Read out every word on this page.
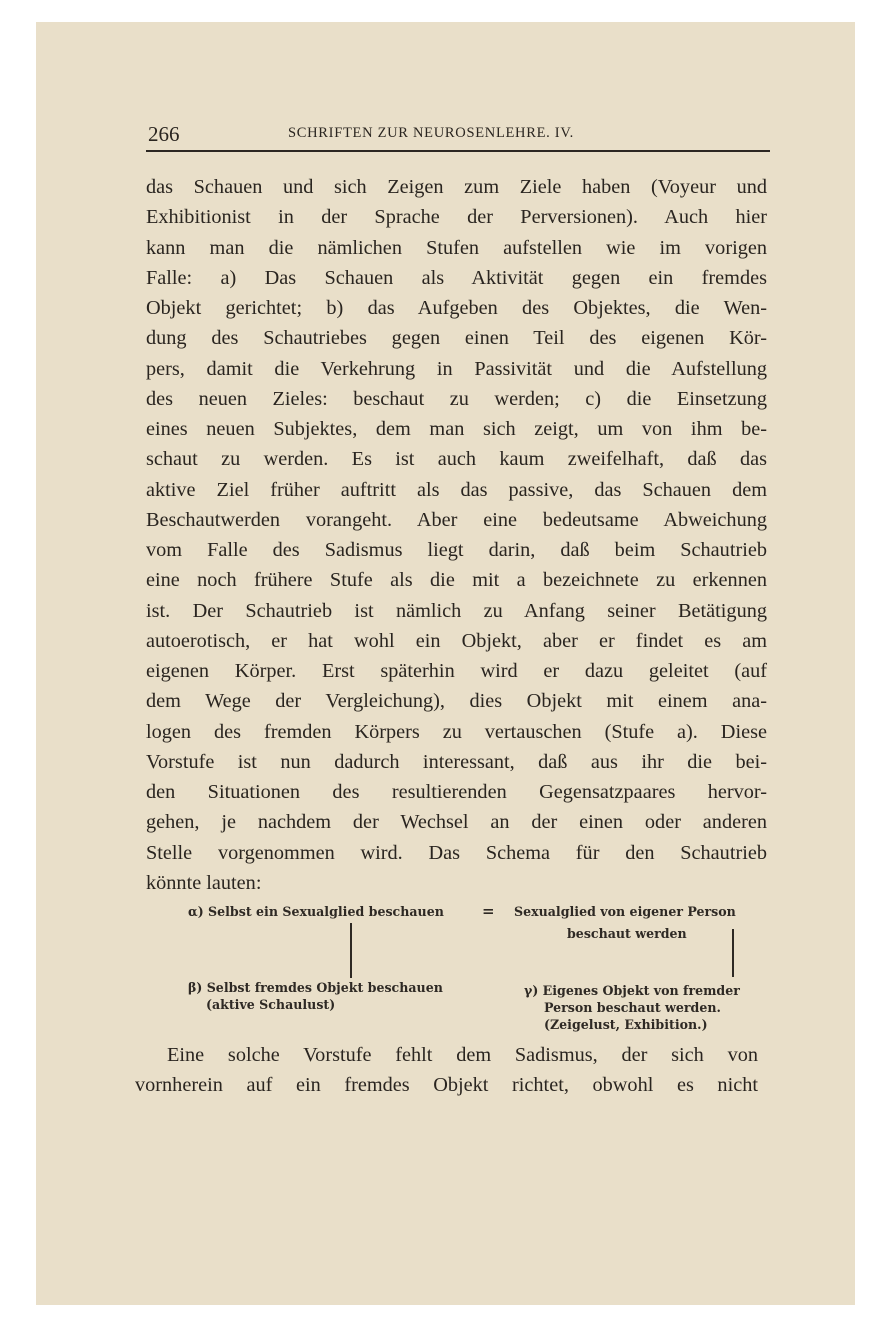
266	SCHRIFTEN ZUR NEUROSENLEHRE. IV.
das Schauen und sich Zeigen zum Ziele haben (Voyeur und
Exhibitionist in der Sprache der Perversionen). Auch hier
kann man die nämlichen Stufen aufstellen wie im vorigen
Falle: a) Das Schauen als Aktivität gegen ein fremdes
Objekt gerichtet; b) das Aufgeben des Objektes, die Wen-
dung des Schautriebes gegen einen Teil des eigenen Kör-
pers, damit die Verkehrung in Passivität und die Aufstellung
des neuen Zieles: beschaut zu werden; c) die Einsetzung
eines neuen Subjektes, dem man sich zeigt, um von ihm be-
schaut zu werden. Es ist auch kaum zweifelhaft, daß das
aktive Ziel früher auftritt als das passive, das Schauen dem
Beschautwerden vorangeht. Aber eine bedeutsame Abweichung
vom Falle des Sadismus liegt darin, daß beim Schautrieb
eine noch frühere Stufe als die mit a bezeichnete zu erkennen
ist. Der Schautrieb ist nämlich zu Anfang seiner Betätigung
autoerotisch, er hat wohl ein Objekt, aber er findet es am
eigenen Körper. Erst späterhin wird er dazu geleitet (auf
dem Wege der Vergleichung), dies Objekt mit einem ana-
logen des fremden Körpers zu vertauschen (Stufe a). Diese
Vorstufe ist nun dadurch interessant, daß aus ihr die bei-
den Situationen des resultierenden Gegensatzpaares hervor-
gehen, je nachdem der Wechsel an der einen oder anderen
Stelle vorgenommen wird. Das Schema für den Schautrieb
könnte lauten:
α) Selbst ein Sexualglied beschauen	= Sexualglied von eigener Person
beschaut werden
β) Selbst fremdes Objekt beschauen
(aktive Schaulust)
γ) Eigenes Objekt von fremder
Person beschaut werden.
(Zeigelust, Exhibition.)
Eine solche Vorstufe fehlt dem Sadismus, der sich von
vornherein auf ein fremdes Objekt richtet, obwohl es nicht
